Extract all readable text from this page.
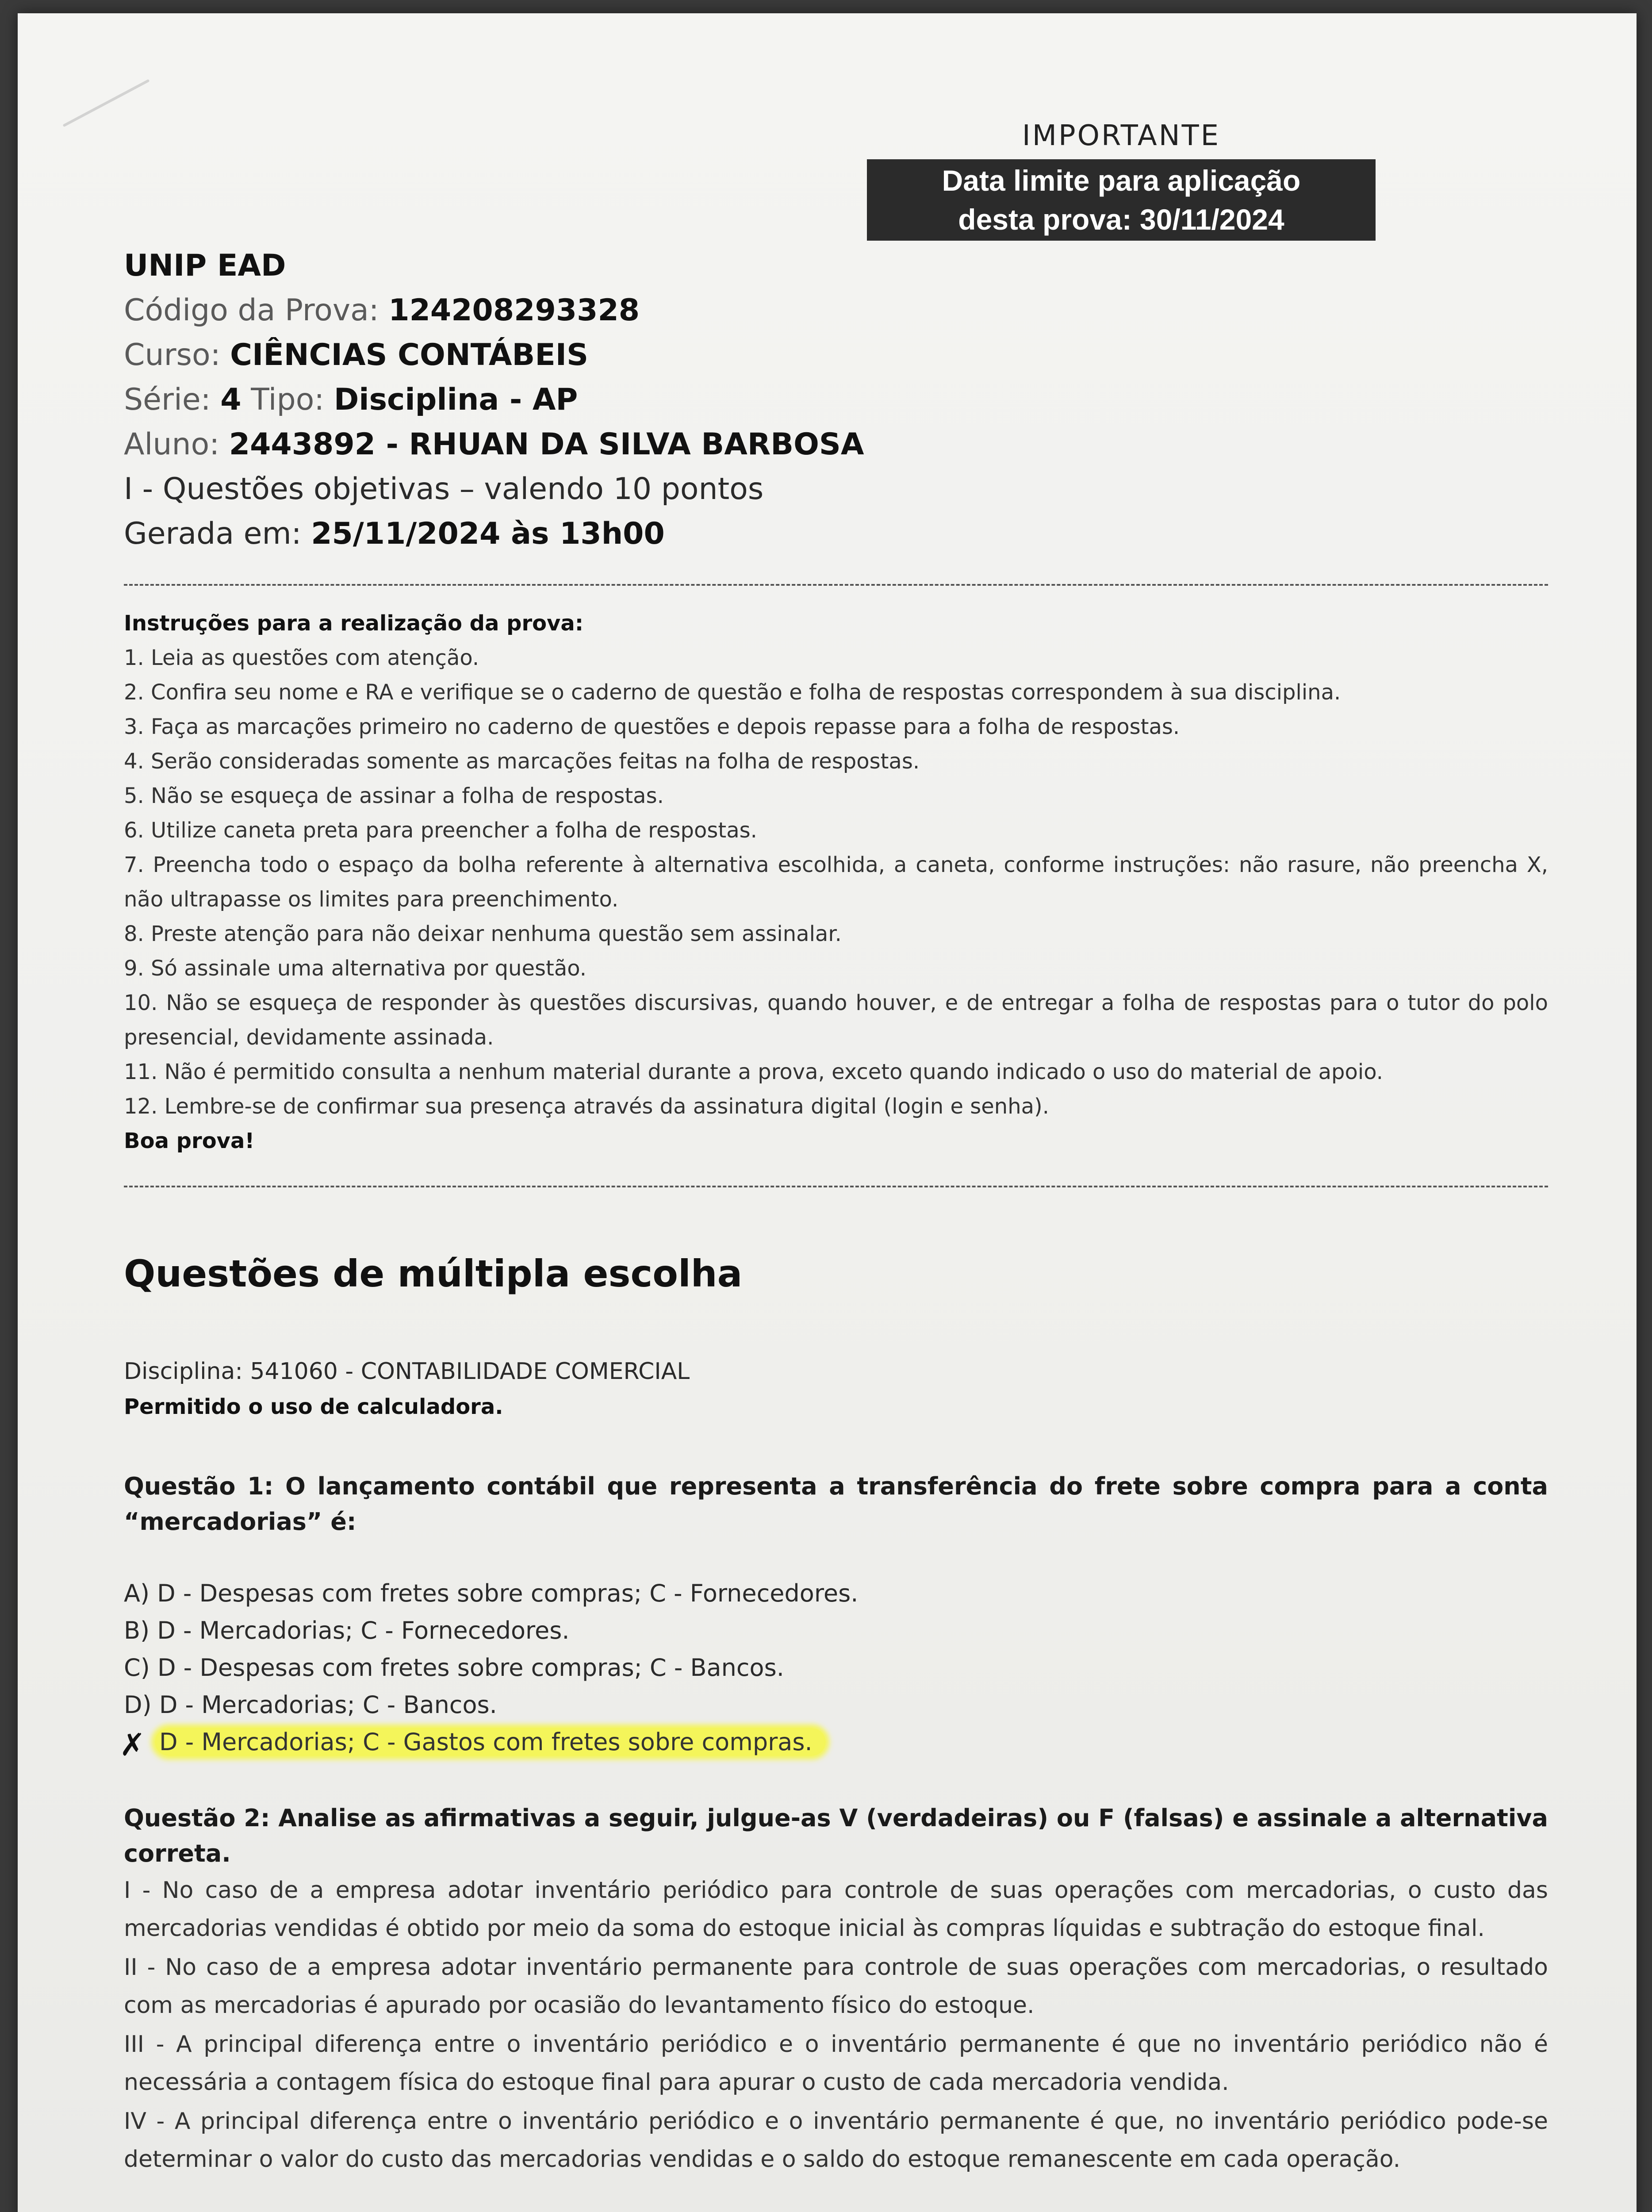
IMPORTANTE
Data limite para aplicação
desta prova: 30/11/2024
UNIP EAD
Código da Prova: 124208293328
Curso: CIÊNCIAS CONTÁBEIS
Série: 4 Tipo: Disciplina - AP
Aluno: 2443892 - RHUAN DA SILVA BARBOSA
I - Questões objetivas – valendo 10 pontos
Gerada em: 25/11/2024 às 13h00
Instruções para a realização da prova:
1. Leia as questões com atenção.
2. Confira seu nome e RA e verifique se o caderno de questão e folha de respostas correspondem à sua disciplina.
3. Faça as marcações primeiro no caderno de questões e depois repasse para a folha de respostas.
4. Serão consideradas somente as marcações feitas na folha de respostas.
5. Não se esqueça de assinar a folha de respostas.
6. Utilize caneta preta para preencher a folha de respostas.
7. Preencha todo o espaço da bolha referente à alternativa escolhida, a caneta, conforme instruções: não rasure, não preencha X, não ultrapasse os limites para preenchimento.
8. Preste atenção para não deixar nenhuma questão sem assinalar.
9. Só assinale uma alternativa por questão.
10. Não se esqueça de responder às questões discursivas, quando houver, e de entregar a folha de respostas para o tutor do polo presencial, devidamente assinada.
11. Não é permitido consulta a nenhum material durante a prova, exceto quando indicado o uso do material de apoio.
12. Lembre-se de confirmar sua presença através da assinatura digital (login e senha).
Boa prova!
Questões de múltipla escolha
Disciplina: 541060 - CONTABILIDADE COMERCIAL
Permitido o uso de calculadora.
Questão 1: O lançamento contábil que representa a transferência do frete sobre compra para a conta “mercadorias” é:
A) D - Despesas com fretes sobre compras; C - Fornecedores.
B) D - Mercadorias; C - Fornecedores.
C) D - Despesas com fretes sobre compras; C - Bancos.
D) D - Mercadorias; C - Bancos.
✗ D - Mercadorias; C - Gastos com fretes sobre compras.
Questão 2: Analise as afirmativas a seguir, julgue-as V (verdadeiras) ou F (falsas) e assinale a alternativa correta.
I - No caso de a empresa adotar inventário periódico para controle de suas operações com mercadorias, o custo das mercadorias vendidas é obtido por meio da soma do estoque inicial às compras líquidas e subtração do estoque final.
II - No caso de a empresa adotar inventário permanente para controle de suas operações com mercadorias, o resultado com as mercadorias é apurado por ocasião do levantamento físico do estoque.
III - A principal diferença entre o inventário periódico e o inventário permanente é que no inventário periódico não é necessária a contagem física do estoque final para apurar o custo de cada mercadoria vendida.
IV - A principal diferença entre o inventário periódico e o inventário permanente é que, no inventário periódico pode-se determinar o valor do custo das mercadorias vendidas e o saldo do estoque remanescente em cada operação.
